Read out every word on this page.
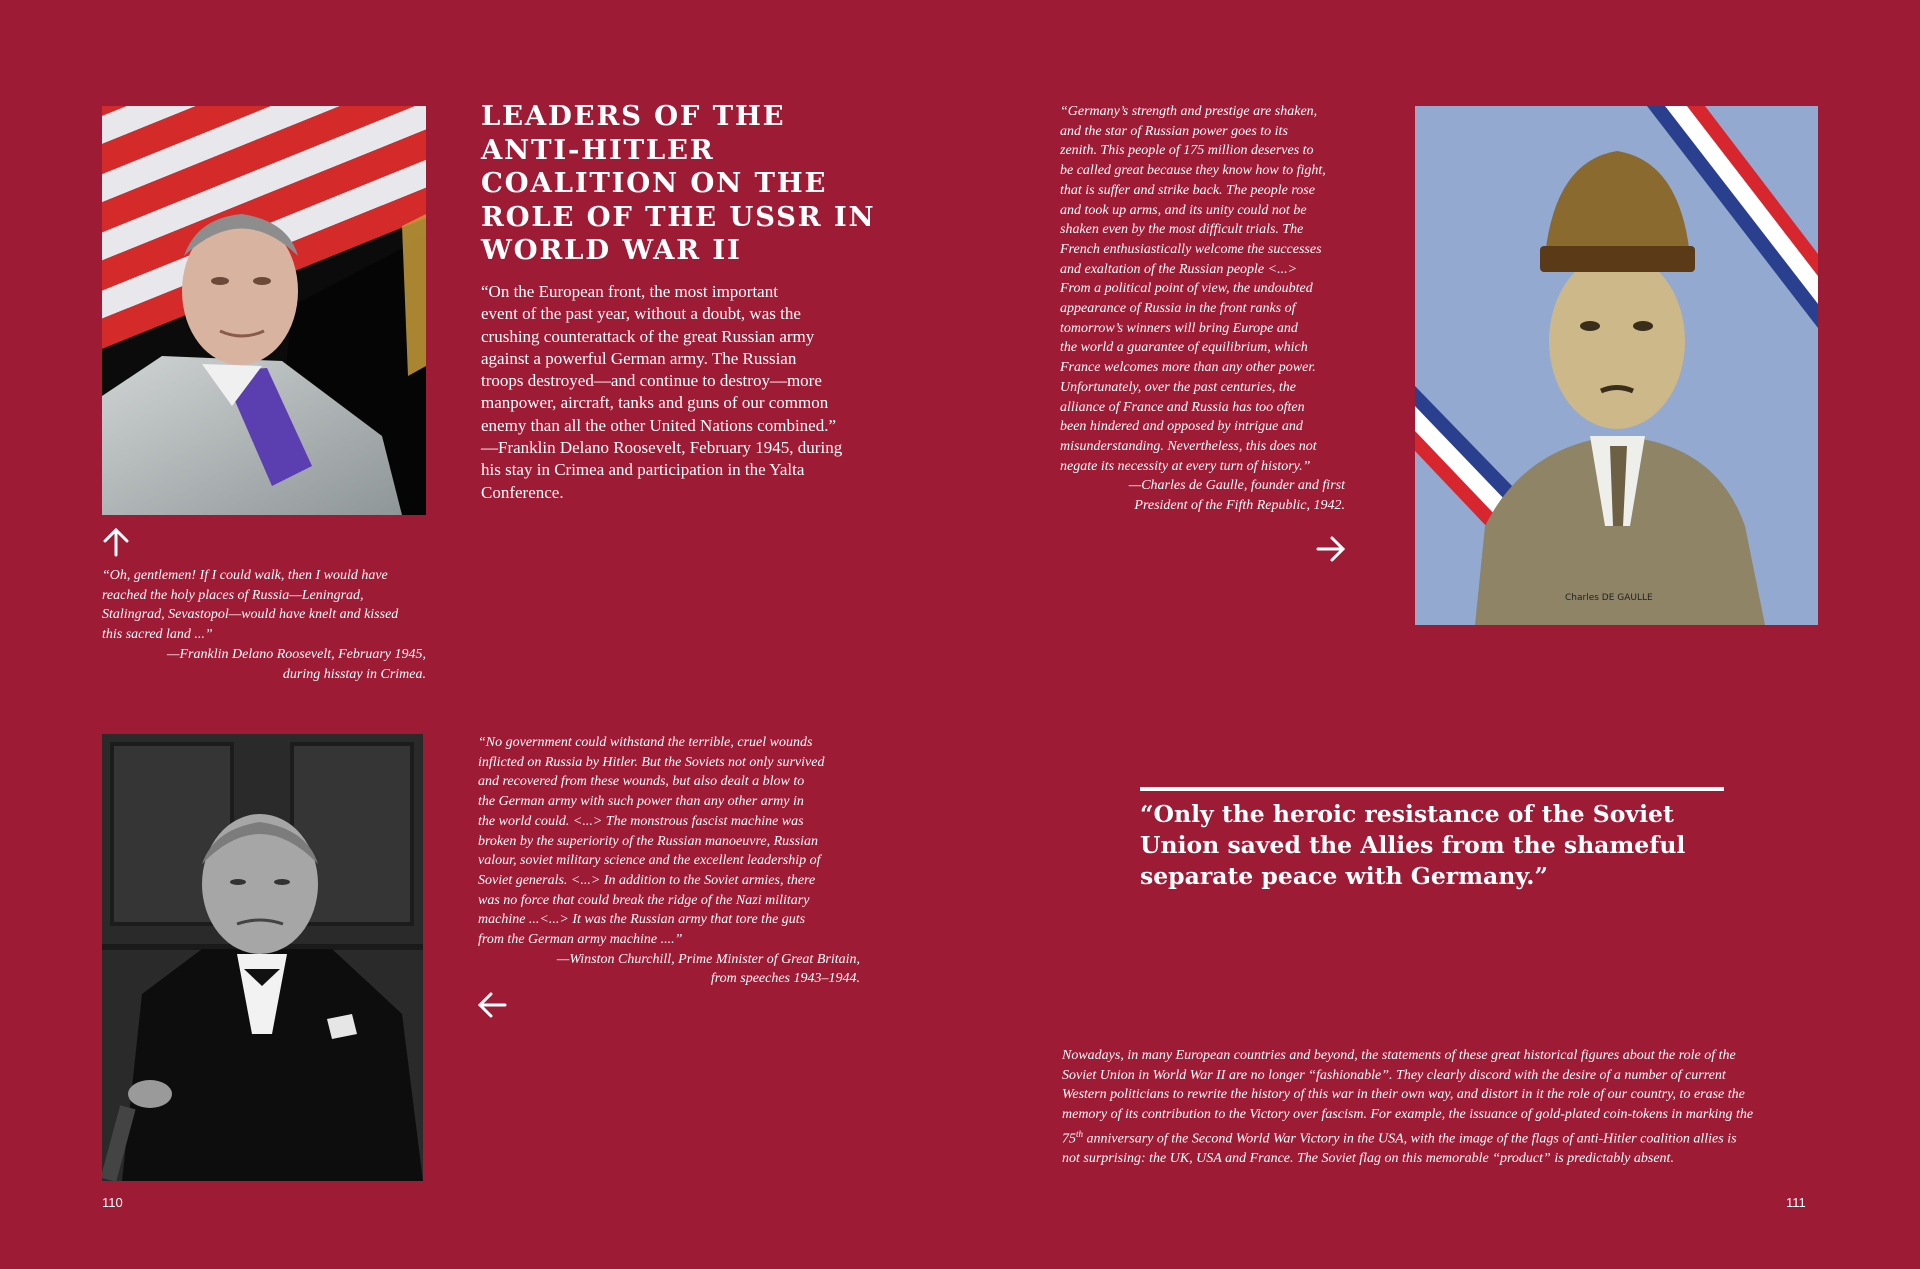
LEADERS OF THE
ANTI-HITLER
COALITION ON THE
ROLE OF THE USSR IN
WORLD WAR II

“On the European front, the most important
event of the past year, without a doubt, was the
crushing counterattack of the great Russian army
against a powerful German army. The Russian
troops destroyed—and continue to destroy—more
manpower, aircraft, tanks and guns of our common
enemy than all the other United Nations combined.”
—Franklin Delano Roosevelt, February 1945, during
his stay in Crimea and participation in the Yalta
Conference.

“Oh, gentlemen! If I could walk, then I would have
reached the holy places of Russia—Leningrad,
Stalingrad, Sevastopol—would have knelt and kissed
this sacred land ...”
—Franklin Delano Roosevelt, February 1945,
during hisstay in Crimea.
“No government could withstand the terrible, cruel wounds
inflicted on Russia by Hitler. But the Soviets not only survived
and recovered from these wounds, but also dealt a blow to
the German army with such power than any other army in
the world could. <...> The monstrous fascist machine was
broken by the superiority of the Russian manoeuvre, Russian
valour, soviet military science and the excellent leadership of
Soviet generals. <...> In addition to the Soviet armies, there
was no force that could break the ridge of the Nazi military
machine ...<...> It was the Russian army that tore the guts
from the German army machine ....”
—Winston Churchill, Prime Minister of Great Britain,
from speeches 1943–1944.
“Germany’s strength and prestige are shaken,
and the star of Russian power goes to its
zenith. This people of 175 million deserves to
be called great because they know how to fight,
that is suffer and strike back. The people rose
and took up arms, and its unity could not be
shaken even by the most difficult trials. The
French enthusiastically welcome the successes
and exaltation of the Russian people <...>
From a political point of view, the undoubted
appearance of Russia in the front ranks of
tomorrow’s winners will bring Europe and
the world a guarantee of equilibrium, which
France welcomes more than any other power.
Unfortunately, over the past centuries, the
alliance of France and Russia has too often
been hindered and opposed by intrigue and
misunderstanding. Nevertheless, this does not
negate its necessity at every turn of history.”
—Charles de Gaulle, founder and first
President of the Fifth Republic, 1942.
Charles DE GAULLE

“Only the heroic resistance of the Soviet
Union saved the Allies from the shameful
separate peace with Germany.”

Nowadays, in many European countries and beyond, the statements of these great historical figures about the role of the
Soviet Union in World War II are no longer “fashionable”. They clearly discord with the desire of a number of current
Western politicians to rewrite the history of this war in their own way, and distort in it the role of our country, to erase the
memory of its contribution to the Victory over fascism. For example, the issuance of gold-plated coin-tokens in marking the
75th anniversary of the Second World War Victory in the USA, with the image of the flags of anti-Hitler coalition allies is
not surprising: the UK, USA and France. The Soviet flag on this memorable “product” is predictably absent.
110	111
